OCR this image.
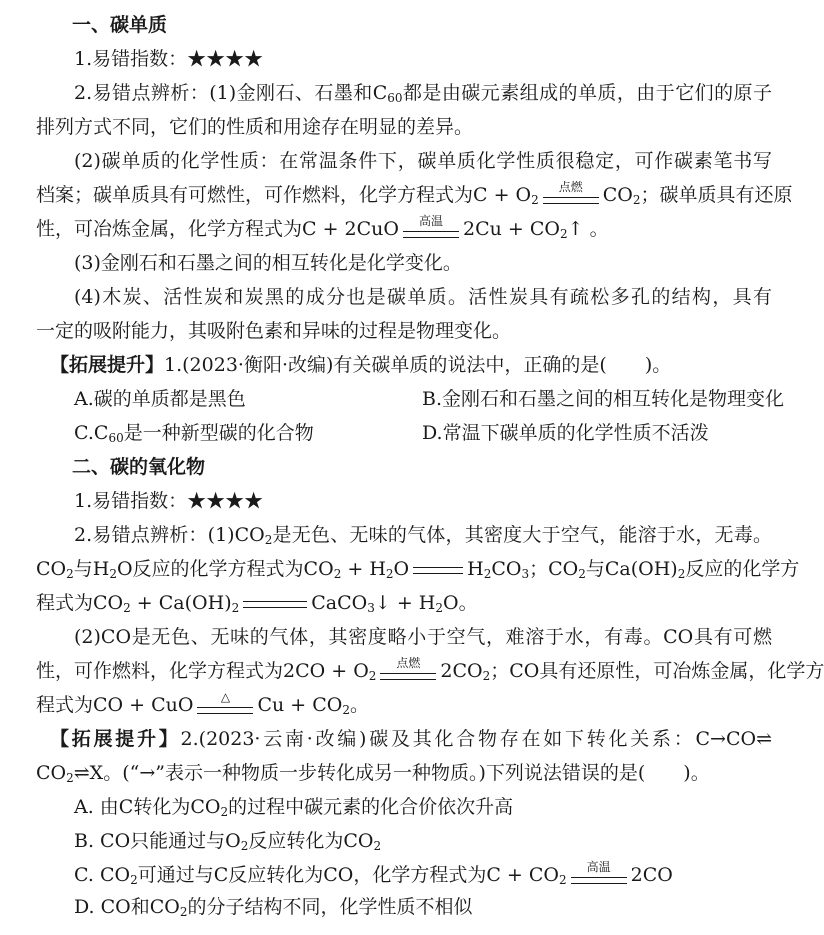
一、碳单质
1.易错指数：★★★★
2.易错点辨析：(1)金刚石、石墨和$C_{60}$都是由碳元素组成的单质，由于它们的原子
排列方式不同，它们的性质和用途存在明显的差异。
(2)碳单质的化学性质：在常温条件下，碳单质化学性质很稳定，可作碳素笔书写
档案；碳单质具有可燃性，可作燃料，化学方程式为$C + O_2$
点燃	$CO_2$；碳单质具有还原
性，可冶炼金属，化学方程式为C + 2CuO	高温	$2Cu + CO_2↑$ 。
(3)金刚石和石墨之间的相互转化是化学变化。
(4)木炭、活性炭和炭黑的成分也是碳单质。活性炭具有疏松多孔的结构，具有
一定的吸附能力，其吸附色素和异味的过程是物理变化。
【拓展提升】1.(2023·衡阳·改编)有关碳单质的说法中，正确的是(　　)。
A.碳的单质都是黑色	B.金刚石和石墨之间的相互转化是物理变化
$C.C_{60}$是一种新型碳的化合物	D.常温下碳单质的化学性质不活泼
二、碳的氧化物
1.易错指数：★★★★
2.易错点辨析：$(1)CO_2$是无色、无味的气体，其密度大于空气，能溶于水，无毒。
$CO_2$与$H_2O$反应的化学方程式为$CO_2 + H_2O$	$H_2CO_3$；$CO_2$与$Ca(OH)_2$反应的化学方
程式为$CO_2 + Ca(OH)_2$	CaCO$_3$↓ + $H_2O$。
(2)CO是无色、无味的气体，其密度略小于空气，难溶于水，有毒。CO具有可燃
性，可作燃料，化学方程式为$2CO + O_2$
点燃	$2CO_2$；CO具有还原性，可冶炼金属，化学方
程式为CO + CuO	△	$Cu + CO_2$。
【拓展提升】2.(2023·云南·改编)碳及其化合物存在如下转化关系：C→CO⇌
$CO_2\rightleftharpoons X$。(“→”表示一种物质一步转化成另一种物质。)下列说法错误的是(　　)。
A. 由C转化为$CO_2$的过程中碳元素的化合价依次升高
B. CO只能通过与$O_2$反应转化为$CO_2$
C. $CO_2$可通过与C反应转化为CO，化学方程式为$C + CO_2$
高温	2CO
D. CO和$CO_2$的分子结构不同，化学性质不相似
